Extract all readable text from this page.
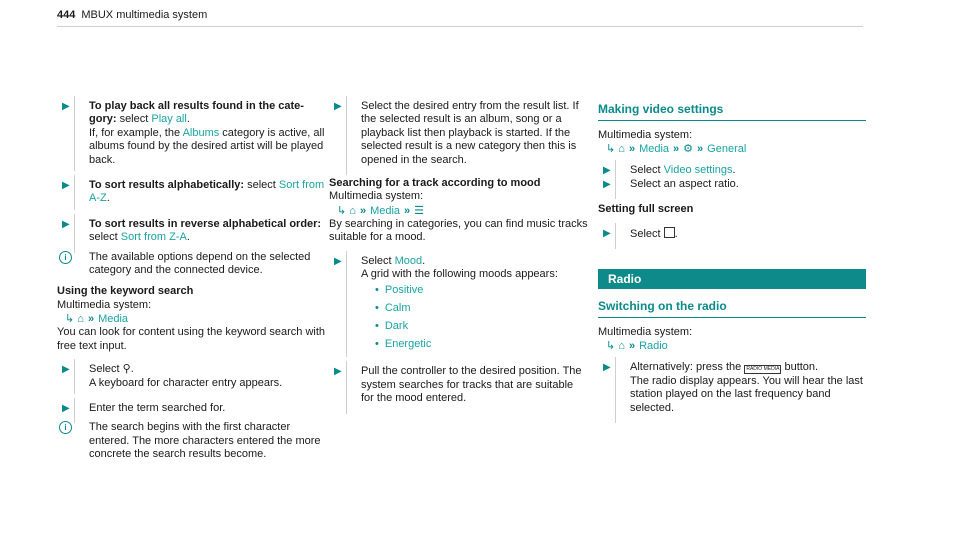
444 MBUX multimedia system
▶ To play back all results found in the category: select Play all.
If, for example, the Albums category is active, all albums found by the desired artist will be played back.
▶ To sort results alphabetically: select Sort from A-Z.
▶ To sort results in reverse alphabetical order: select Sort from Z-A.
i	The available options depend on the selected category and the connected device.
Using the keyword search
Multimedia system:
↳ ⌂ » Media
You can look for content using the keyword search with free text input.
▶ Select ⚲.
A keyboard for character entry appears.
▶ Enter the term searched for.
i	The search begins with the first character entered. The more characters entered the more concrete the search results become.
▶ Select the desired entry from the result list. If the selected result is an album, song or a playback list then playback is started. If the selected result is a new category then this is opened in the search.
Searching for a track according to mood
Multimedia system:
↳ ⌂ » Media » ☰
By searching in categories, you can find music tracks suitable for a mood.
▶ Select Mood.
A grid with the following moods appears:
• Positive
• Calm
• Dark
• Energetic
▶ Pull the controller to the desired position. The system searches for tracks that are suitable for the mood entered.
Making video settings
Multimedia system:
↳ ⌂ » Media » ⚙ » General
▶ Select Video settings.
▶ Select an aspect ratio.
Setting full screen
▶ Select .
Radio
Switching on the radio
Multimedia system:
↳ ⌂ » Radio
▶ Alternatively: press the RADIO MEDIA button.
The radio display appears. You will hear the last station played on the last frequency band selected.
